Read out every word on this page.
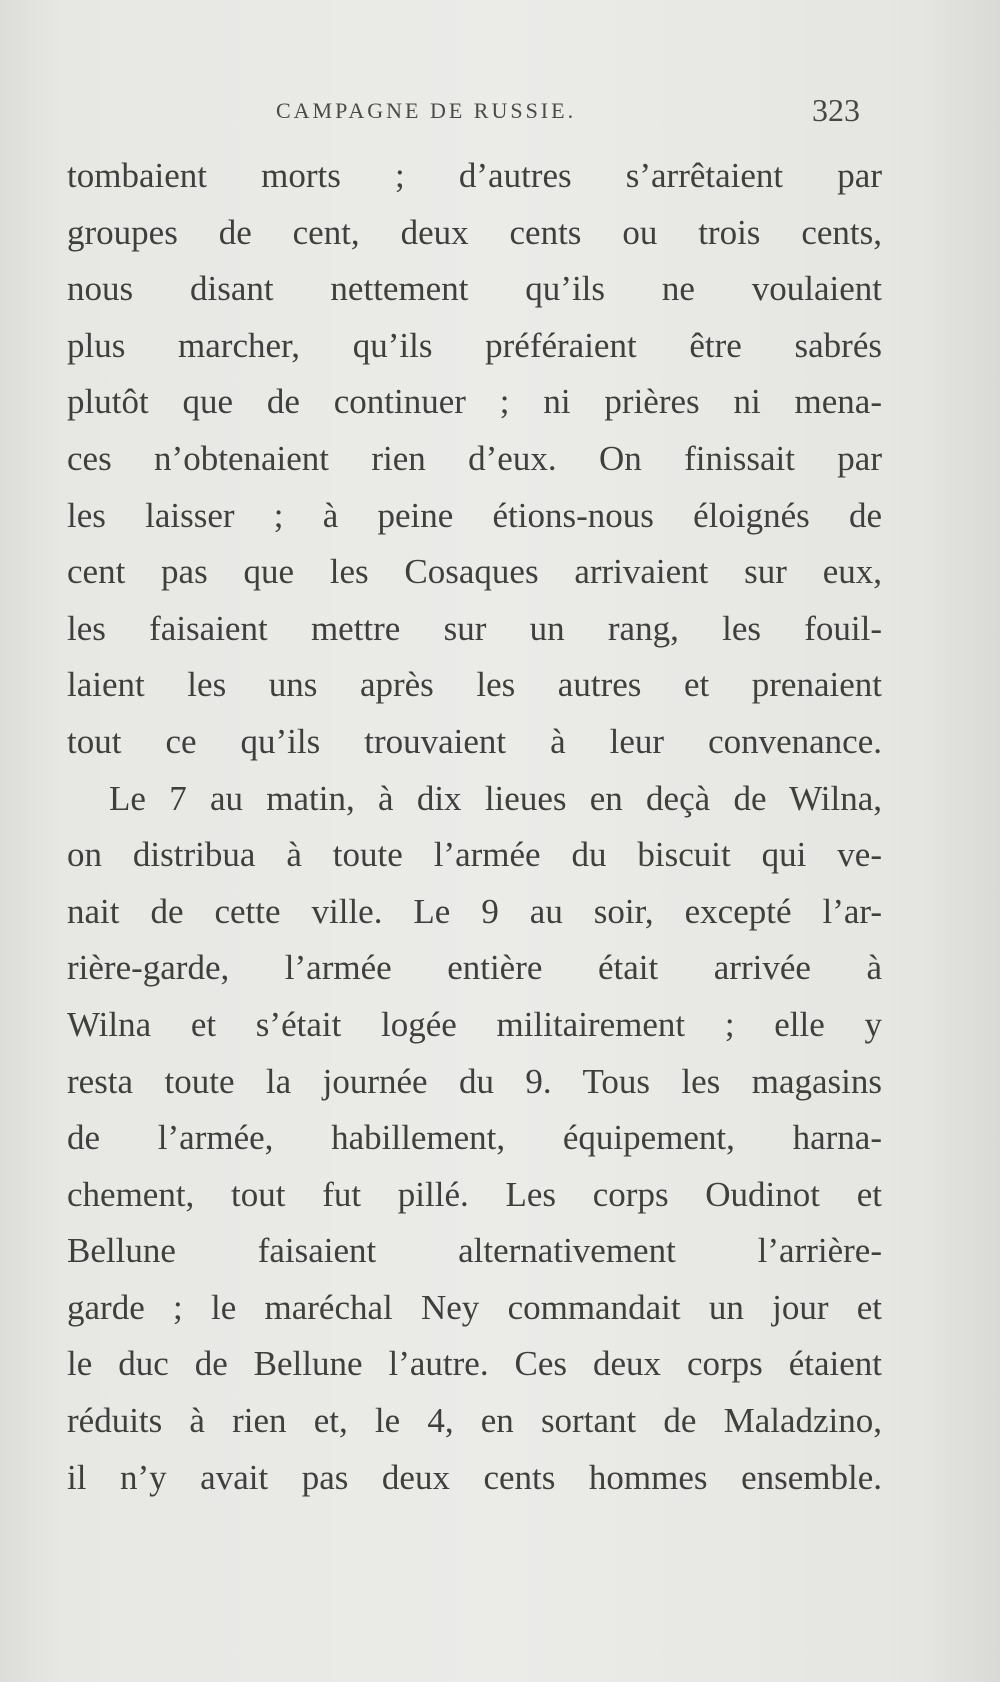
CAMPAGNE DE RUSSIE.	323
tombaient morts ; d’autres s’arrêtaient par
groupes de cent, deux cents ou trois cents,
nous disant nettement qu’ils ne voulaient
plus marcher, qu’ils préféraient être sabrés
plutôt que de continuer ; ni prières ni mena-
ces n’obtenaient rien d’eux. On finissait par
les laisser ; à peine étions-nous éloignés de
cent pas que les Cosaques arrivaient sur eux,
les faisaient mettre sur un rang, les fouil-
laient les uns après les autres et prenaient
tout ce qu’ils trouvaient à leur convenance.
Le 7 au matin, à dix lieues en deçà de Wilna,
on distribua à toute l’armée du biscuit qui ve-
nait de cette ville. Le 9 au soir, excepté l’ar-
rière-garde, l’armée entière était arrivée à
Wilna et s’était logée militairement ; elle y
resta toute la journée du 9. Tous les magasins
de l’armée, habillement, équipement, harna-
chement, tout fut pillé. Les corps Oudinot et
Bellune faisaient alternativement l’arrière-
garde ; le maréchal Ney commandait un jour et
le duc de Bellune l’autre. Ces deux corps étaient
réduits à rien et, le 4, en sortant de Maladzino,
il n’y avait pas deux cents hommes ensemble.
